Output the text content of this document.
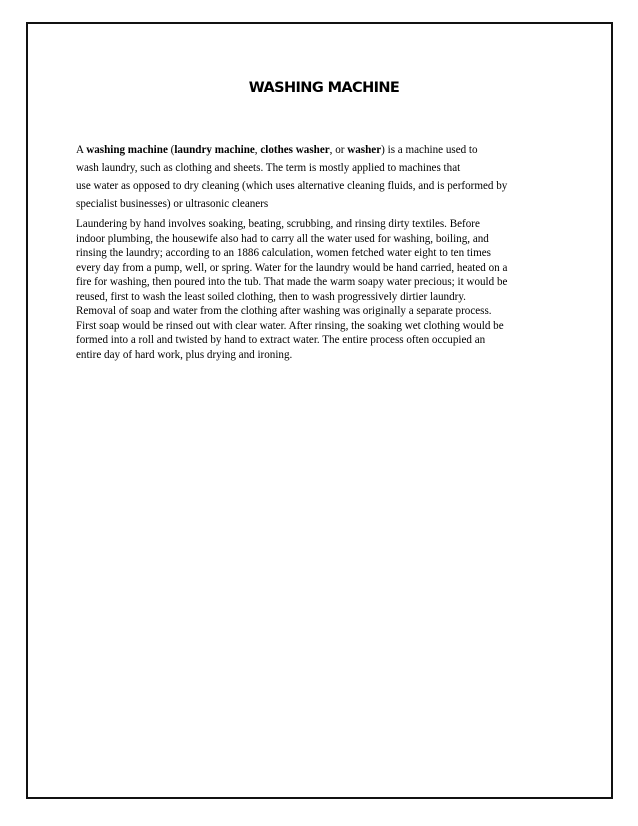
WASHING MACHINE
A washing machine (laundry machine, clothes washer, or washer) is a machine used to
wash laundry, such as clothing and sheets. The term is mostly applied to machines that
use water as opposed to dry cleaning (which uses alternative cleaning fluids, and is performed by
specialist businesses) or ultrasonic cleaners
Laundering by hand involves soaking, beating, scrubbing, and rinsing dirty textiles. Before
indoor plumbing, the housewife also had to carry all the water used for washing, boiling, and
rinsing the laundry; according to an 1886 calculation, women fetched water eight to ten times
every day from a pump, well, or spring. Water for the laundry would be hand carried, heated on a
fire for washing, then poured into the tub. That made the warm soapy water precious; it would be
reused, first to wash the least soiled clothing, then to wash progressively dirtier laundry.
Removal of soap and water from the clothing after washing was originally a separate process.
First soap would be rinsed out with clear water. After rinsing, the soaking wet clothing would be
formed into a roll and twisted by hand to extract water. The entire process often occupied an
entire day of hard work, plus drying and ironing.
